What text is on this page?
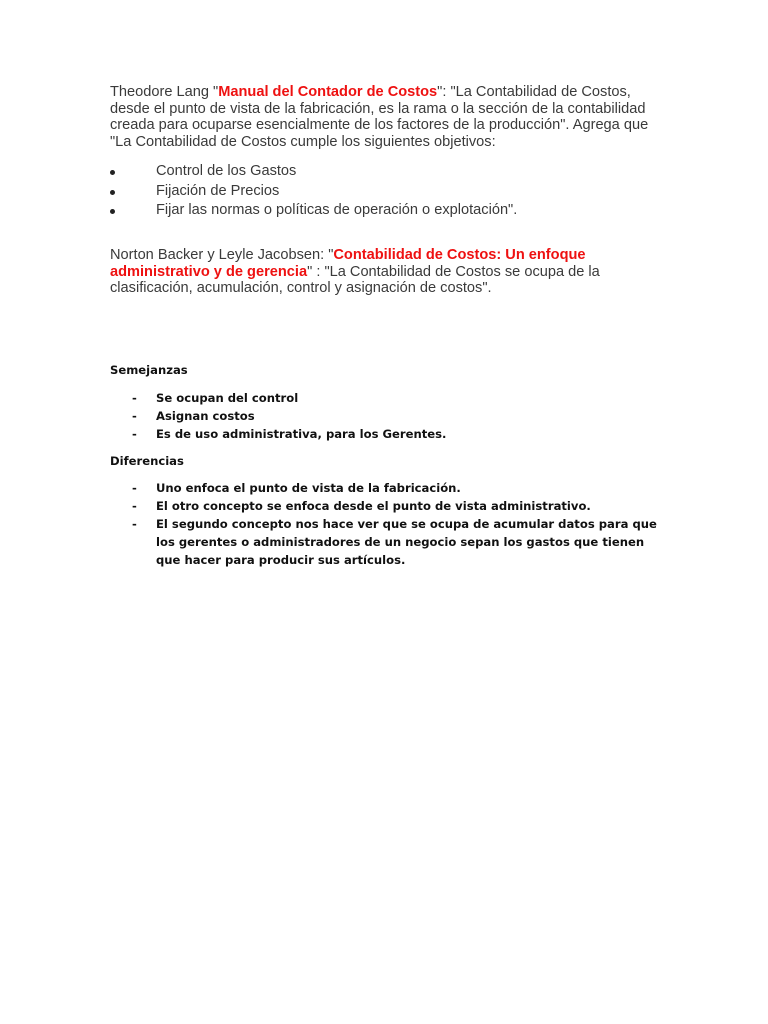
Theodore Lang "Manual del Contador de Costos": "La Contabilidad de Costos,
desde el punto de vista de la fabricación, es la rama o la sección de la contabilidad
creada para ocuparse esencialmente de los factores de la producción". Agrega que
"La Contabilidad de Costos cumple los siguientes objetivos:
Control de los Gastos
Fijación de Precios
Fijar las normas o políticas de operación o explotación".
Norton Backer y Leyle Jacobsen: "Contabilidad de Costos: Un enfoque
administrativo y de gerencia" : "La Contabilidad de Costos se ocupa de la
clasificación, acumulación, control y asignación de costos".
Semejanzas
- Se ocupan del control
- Asignan costos
- Es de uso administrativa, para los Gerentes.
Diferencias
- Uno enfoca el punto de vista de la fabricación.
- El otro concepto se enfoca desde el punto de vista administrativo.
- El segundo concepto nos hace ver que se ocupa de acumular datos para que los gerentes o administradores de un negocio sepan los gastos que tienen que hacer para producir sus artículos.
